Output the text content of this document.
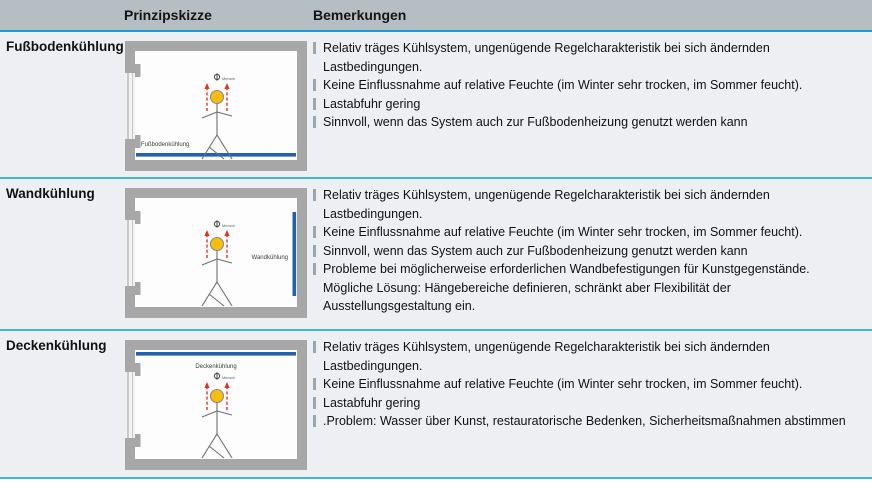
Prinzipskizze	Bemerkungen
Fußbodenkühlung
Fußbodenkühlung
Mensch
Relativ träges Kühlsystem, ungenügende Regelcharakteristik bei sich ändernden Lastbedingungen.
Keine Einflussnahme auf relative Feuchte (im Winter sehr trocken, im Sommer feucht).
Lastabfuhr gering
Sinnvoll, wenn das System auch zur Fußbodenheizung genutzt werden kann
Wandkühlung
Wandkühlung
Mensch
Relativ träges Kühlsystem, ungenügende Regelcharakteristik bei sich ändernden Lastbedingungen.
Keine Einflussnahme auf relative Feuchte (im Winter sehr trocken, im Sommer feucht).
Sinnvoll, wenn das System auch zur Fußbodenheizung genutzt werden kann
Probleme bei möglicherweise erforderlichen Wandbefestigungen für Kunstgegenstände. Mögliche Lösung: Hängebereiche definieren, schränkt aber Flexibilität der Ausstellungsgestaltung ein.
Deckenkühlung
Deckenkühlung
Mensch
Relativ träges Kühlsystem, ungenügende Regelcharakteristik bei sich ändernden Lastbedingungen.
Keine Einflussnahme auf relative Feuchte (im Winter sehr trocken, im Sommer feucht).
Lastabfuhr gering
.Problem: Wasser über Kunst, restauratorische Bedenken, Sicherheitsmaßnahmen abstimmen
